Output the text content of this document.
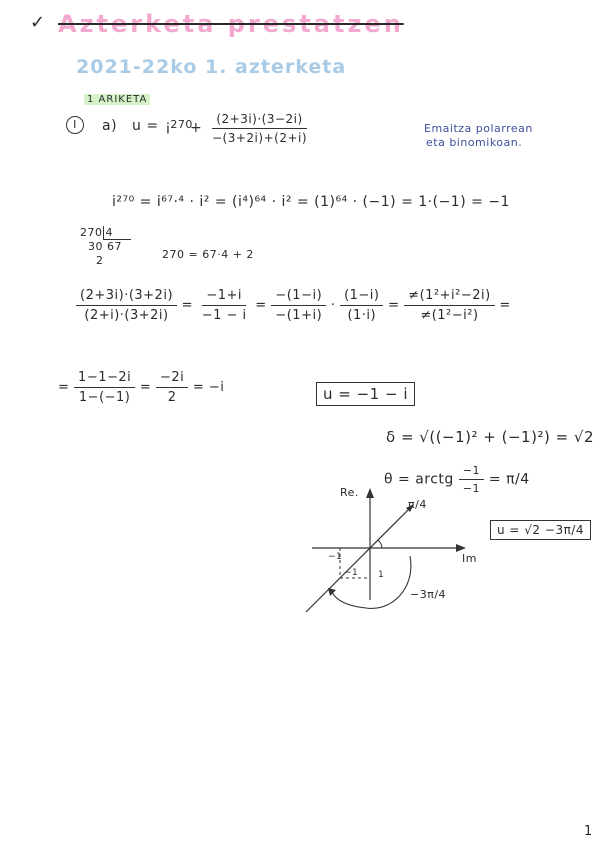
✓ Azterketa prestatzen
2021-22ko 1. azterketa
1 ARIKETA
I	a) $u = i^{270}$
+ $\frac{(2+3i)\cdot(3-2i)}{-(3+2i)+(2+i)}$	Emaitza polarrean
eta binomikoan.
i²⁷⁰ = i⁶⁷·⁴ · i² = (i⁴)⁶⁴ · i² = (1)⁶⁴ · (−1) = 1·(−1) = −1
270 4
30 67
2	270 = 67·4 + 2
$\frac{(2+3i)\cdot(3+2i)}{(2+i)\cdot(3+2i)} = \frac{-1+i}{-1 - i} = \frac{-(1-i)}{-(1+i)} \cdot \frac{(1-i)}{(1\cdot i)} = \frac{\text{≠(1²+i²−2i)}}{\text{≠(1²−i²)}}$ =
= $\frac{1-1-2i}{1-(-1)} = \frac{-2i}{2} = -i$	u = −1 − i
δ = √((−1)² + (−1)²) = √2
θ = arctg $\frac{-1}{-1} = \pi/4$
Re.
Im
π/4
−3π/4
−1
−1 1
u = √2 −3π/4
1
